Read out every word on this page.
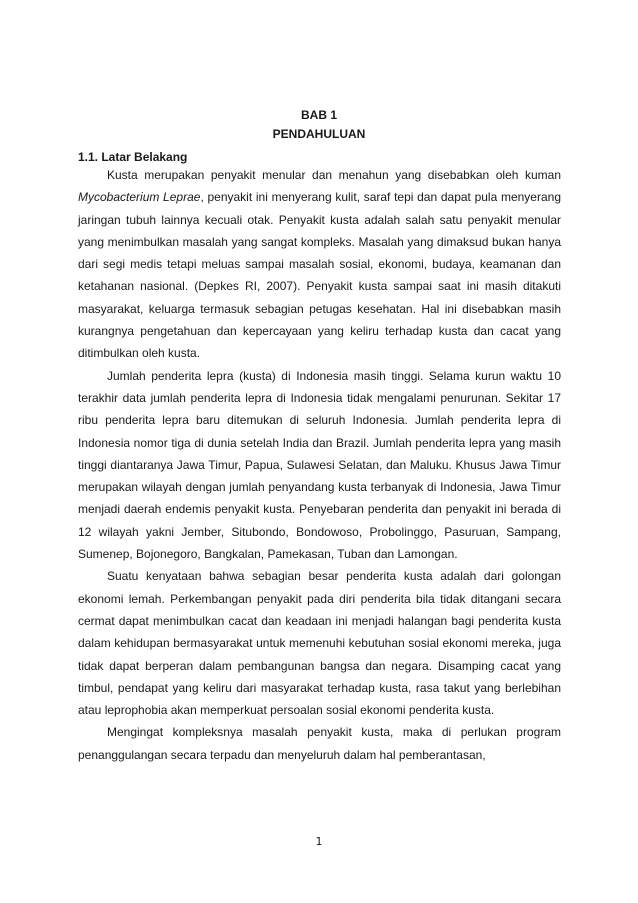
BAB 1
PENDAHULUAN
1.1. Latar Belakang

Kusta merupakan penyakit menular dan menahun yang disebabkan oleh kuman Mycobacterium Leprae, penyakit ini menyerang kulit, saraf tepi dan dapat pula menyerang jaringan tubuh lainnya kecuali otak. Penyakit kusta adalah salah satu penyakit menular yang menimbulkan masalah yang sangat kompleks. Masalah yang dimaksud bukan hanya dari segi medis tetapi meluas sampai masalah sosial, ekonomi, budaya, keamanan dan ketahanan nasional. (Depkes RI, 2007). Penyakit kusta sampai saat ini masih ditakuti masyarakat, keluarga termasuk sebagian petugas kesehatan. Hal ini disebabkan masih kurangnya pengetahuan dan kepercayaan yang keliru terhadap kusta dan cacat yang ditimbulkan oleh kusta.

Jumlah penderita lepra (kusta) di Indonesia masih tinggi. Selama kurun waktu 10 terakhir data jumlah penderita lepra di Indonesia tidak mengalami penurunan. Sekitar 17 ribu penderita lepra baru ditemukan di seluruh Indonesia. Jumlah penderita lepra di Indonesia nomor tiga di dunia setelah India dan Brazil. Jumlah penderita lepra yang masih tinggi diantaranya Jawa Timur, Papua, Sulawesi Selatan, dan Maluku. Khusus Jawa Timur merupakan wilayah dengan jumlah penyandang kusta terbanyak di Indonesia, Jawa Timur menjadi daerah endemis penyakit kusta. Penyebaran penderita dan penyakit ini berada di 12 wilayah yakni Jember, Situbondo, Bondowoso, Probolinggo, Pasuruan, Sampang, Sumenep, Bojonegoro, Bangkalan, Pamekasan, Tuban dan Lamongan.

Suatu kenyataan bahwa sebagian besar penderita kusta adalah dari golongan ekonomi lemah. Perkembangan penyakit pada diri penderita bila tidak ditangani secara cermat dapat menimbulkan cacat dan keadaan ini menjadi halangan bagi penderita kusta dalam kehidupan bermasyarakat untuk memenuhi kebutuhan sosial ekonomi mereka, juga tidak dapat berperan dalam pembangunan bangsa dan negara. Disamping cacat yang timbul, pendapat yang keliru dari masyarakat terhadap kusta, rasa takut yang berlebihan atau leprophobia akan memperkuat persoalan sosial ekonomi penderita kusta.

Mengingat kompleksnya masalah penyakit kusta, maka di perlukan program penanggulangan secara terpadu dan menyeluruh dalam hal pemberantasan,

1
